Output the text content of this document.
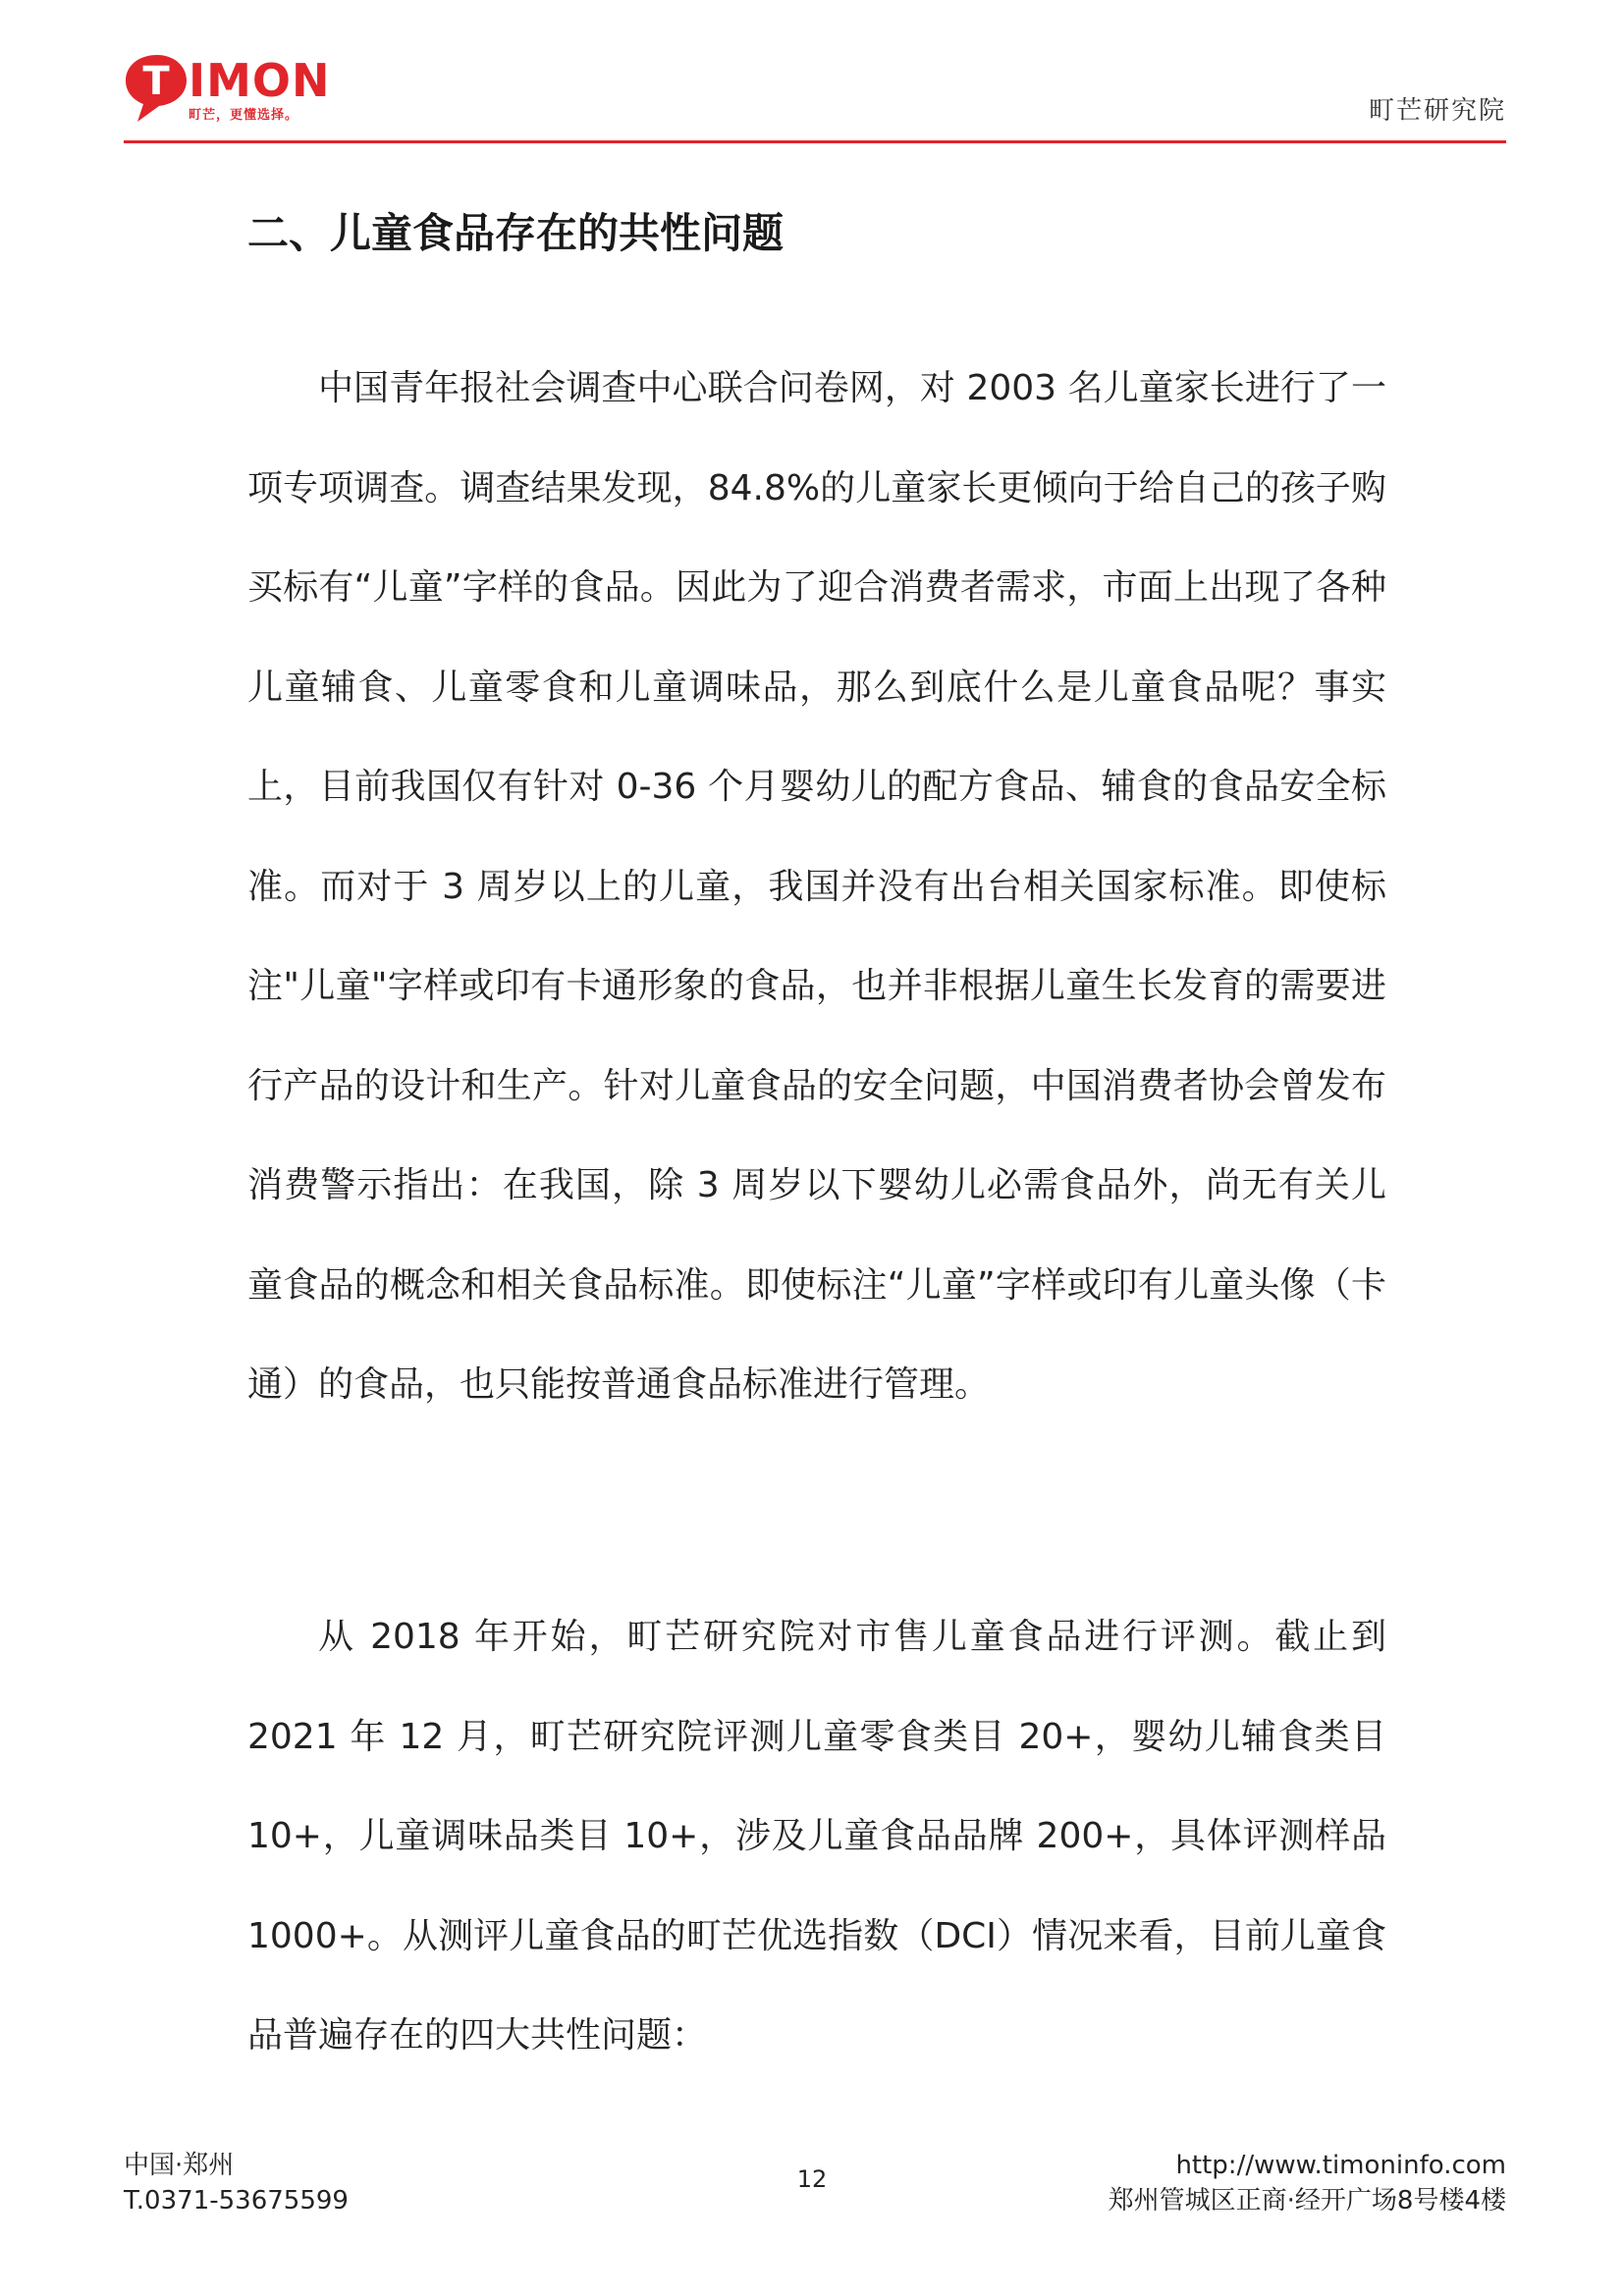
T IMON
町芒，更懂选择。	町芒研究院
二、儿童食品存在的共性问题

中国青年报社会调查中心联合问卷网，对 2003 名儿童家长进行了一项专项调查。调查结果发现，84.8%的儿童家长更倾向于给自己的孩子购买标有“儿童”字样的食品。因此为了迎合消费者需求，市面上出现了各种儿童辅食、儿童零食和儿童调味品，那么到底什么是儿童食品呢？事实上，目前我国仅有针对 0-36 个月婴幼儿的配方食品、辅食的食品安全标准。而对于 3 周岁以上的儿童，我国并没有出台相关国家标准。即使标注"儿童"字样或印有卡通形象的食品，也并非根据儿童生长发育的需要进行产品的设计和生产。针对儿童食品的安全问题，中国消费者协会曾发布消费警示指出：在我国，除 3 周岁以下婴幼儿必需食品外，尚无有关儿童食品的概念和相关食品标准。即使标注“儿童”字样或印有儿童头像（卡通）的食品，也只能按普通食品标准进行管理。

从 2018 年开始，町芒研究院对市售儿童食品进行评测。截止到 2021 年 12 月，町芒研究院评测儿童零食类目 20+，婴幼儿辅食类目 10+，儿童调味品类目 10+，涉及儿童食品品牌 200+，具体评测样品 1000+。从测评儿童食品的町芒优选指数（DCI）情况来看，目前儿童食品普遍存在的四大共性问题：

中国·郑州
T.0371-53675599
12	http://www.timoninfo.com
郑州管城区正商·经开广场8号楼4楼
